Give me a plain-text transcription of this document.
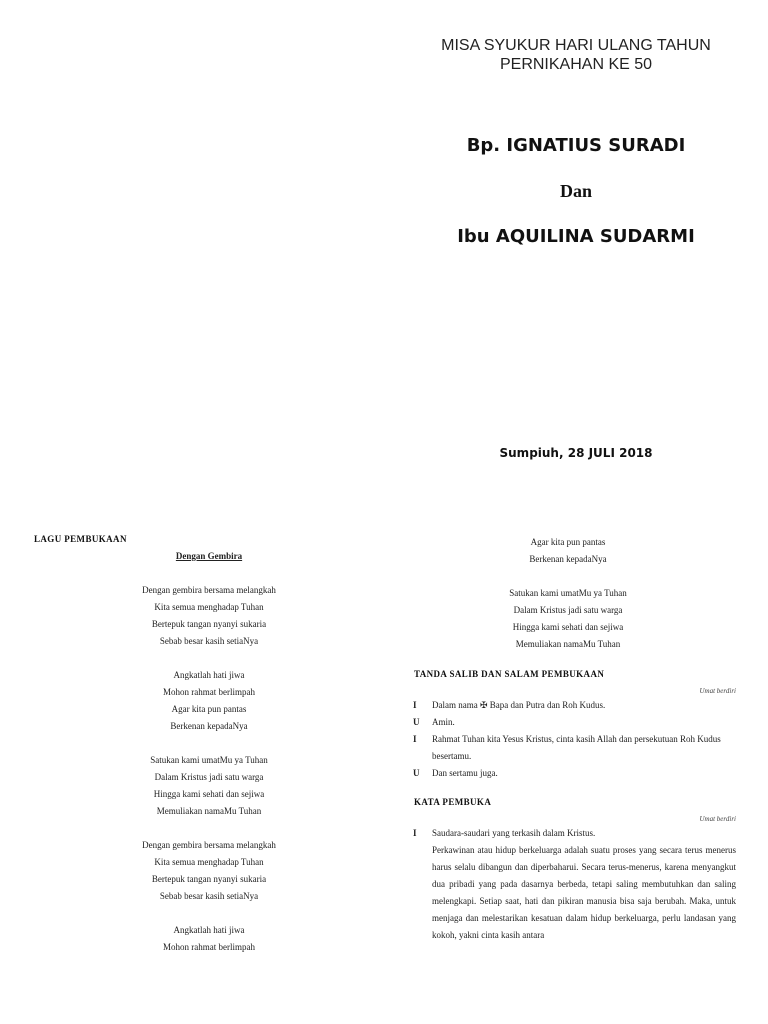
MISA SYUKUR HARI ULANG TAHUN
PERNIKAHAN KE 50
Bp. IGNATIUS SURADI
Dan
Ibu AQUILINA SUDARMI
Sumpiuh, 28 JULI 2018
LAGU PEMBUKAAN
Dengan Gembira
Dengan gembira bersama melangkah
Kita semua menghadap Tuhan
Bertepuk tangan nyanyi sukaria
Sebab besar kasih setiaNya
Angkatlah hati jiwa
Mohon rahmat berlimpah
Agar kita pun pantas
Berkenan kepadaNya
Satukan kami umatMu ya Tuhan
Dalam Kristus jadi satu warga
Hingga kami sehati dan sejiwa
Memuliakan namaMu Tuhan
Dengan gembira bersama melangkah
Kita semua menghadap Tuhan
Bertepuk tangan nyanyi sukaria
Sebab besar kasih setiaNya
Angkatlah hati jiwa
Mohon rahmat berlimpah
Agar kita pun pantas
Berkenan kepadaNya
Satukan kami umatMu ya Tuhan
Dalam Kristus jadi satu warga
Hingga kami sehati dan sejiwa
Memuliakan namaMu Tuhan
TANDA SALIB DAN SALAM PEMBUKAAN
Umat berdiri
I Dalam nama ✠ Bapa dan Putra dan Roh Kudus.
U Amin.
I Rahmat Tuhan kita Yesus Kristus, cinta kasih Allah dan persekutuan Roh Kudus besertamu.
U Dan sertamu juga.
KATA PEMBUKA
Umat berdiri
I Saudara-saudari yang terkasih dalam Kristus.
Perkawinan atau hidup berkeluarga adalah suatu proses yang secara terus menerus harus selalu dibangun dan diperbaharui. Secara terus-menerus, karena menyangkut dua pribadi yang pada dasarnya berbeda, tetapi saling membutuhkan dan saling melengkapi. Setiap saat, hati dan pikiran manusia bisa saja berubah. Maka, untuk menjaga dan melestarikan kesatuan dalam hidup berkeluarga, perlu landasan yang kokoh, yakni cinta kasih antara
